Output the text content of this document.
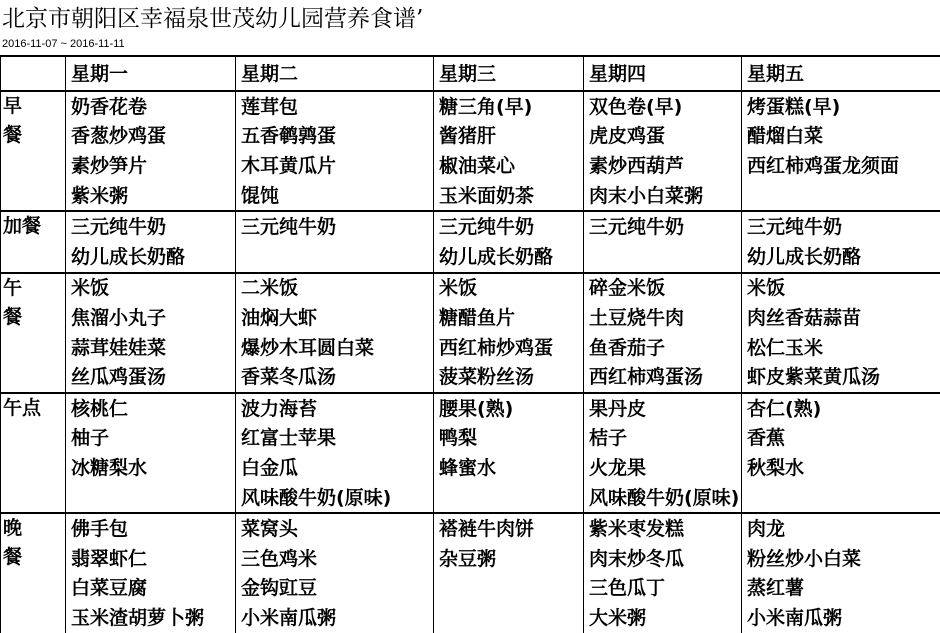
北京市朝阳区幸福泉世茂幼儿园营养食谱’
2016-11-07 ~ 2016-11-11
	星期一	星期二	星期三	星期四	星期五

早餐	奶香花卷	莲茸包	糖三角(早)	双色卷(早)	烤蛋糕(早)
	香葱炒鸡蛋	五香鹌鹑蛋	酱猪肝	虎皮鸡蛋	醋熘白菜
	素炒笋片	木耳黄瓜片	椒油菜心	素炒西葫芦	西红柿鸡蛋龙须面
	紫米粥	馄饨	玉米面奶茶	肉末小白菜粥	

加餐	三元纯牛奶	三元纯牛奶	三元纯牛奶	三元纯牛奶	三元纯牛奶
	幼儿成长奶酪		幼儿成长奶酪		幼儿成长奶酪

午餐	米饭	二米饭	米饭	碎金米饭	米饭
	焦溜小丸子	油焖大虾	糖醋鱼片	土豆烧牛肉	肉丝香菇蒜苗
	蒜茸娃娃菜	爆炒木耳圆白菜	西红柿炒鸡蛋	鱼香茄子	松仁玉米
	丝瓜鸡蛋汤	香菜冬瓜汤	菠菜粉丝汤	西红柿鸡蛋汤	虾皮紫菜黄瓜汤

午点	核桃仁	波力海苔	腰果(熟)	果丹皮	杏仁(熟)
	柚子	红富士苹果	鸭梨	桔子	香蕉
	冰糖梨水	白金瓜	蜂蜜水	火龙果	秋梨水
		风味酸牛奶(原味)		风味酸牛奶(原味)	

晚餐	佛手包	菜窝头	褡裢牛肉饼	紫米枣发糕	肉龙
	翡翠虾仁	三色鸡米	杂豆粥	肉末炒冬瓜	粉丝炒小白菜
	白菜豆腐	金钩豇豆		三色瓜丁	蒸红薯
	玉米渣胡萝卜粥	小米南瓜粥		大米粥	小米南瓜粥
